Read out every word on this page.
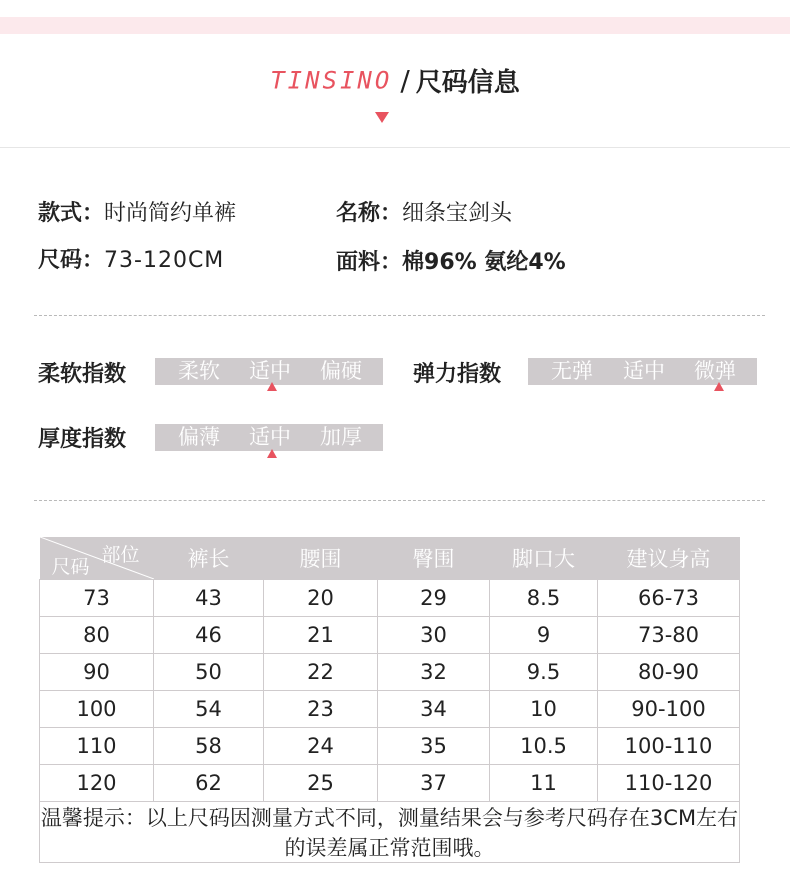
TINSINO / 尺码信息
款式：时尚简约单裤	名称：细条宝剑头
尺码：73-120CM	面料：棉96% 氨纶4%
柔软指数 柔软 适中 偏硬 弹力指数 无弹 适中 微弹
厚度指数 偏薄 适中 加厚
部位
尺码	裤长	腰围	臀围	脚口大	建议身高
73	43	20	29	8.5	66-73
80	46	21	30	9	73-80
90	50	22	32	9.5	80-90
100	54	23	34	10	90-100
110	58	24	35	10.5	100-110
120	62	25	37	11	110-120
温馨提示：以上尺码因测量方式不同，测量结果会与参考尺码存在3CM左右的误差属正常范围哦。					
